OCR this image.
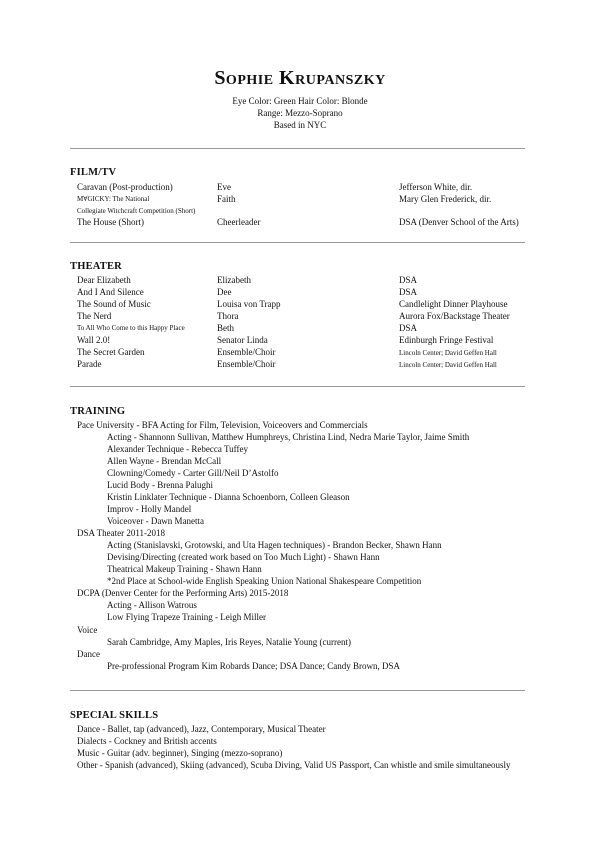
Sophie Krupanszky
Eye Color: Green Hair Color: Blonde
Range: Mezzo-Soprano
Based in NYC
FILM/TV
Caravan (Post-production)	Eve	Jefferson White, dir.
M∀GICKY: The National	Faith	Mary Glen Frederick, dir.
Collegiate Witchcraft Competition (Short)
The House (Short)	Cheerleader	DSA (Denver School of the Arts)
THEATER
Dear Elizabeth	Elizabeth	DSA
And I And Silence	Dee	DSA
The Sound of Music	Louisa von Trapp	Candlelight Dinner Playhouse
The Nerd	Thora	Aurora Fox/Backstage Theater
To All Who Come to this Happy Place	Beth	DSA
Wall 2.0!	Senator Linda	Edinburgh Fringe Festival
The Secret Garden	Ensemble/Choir	Lincoln Center; David Geffen Hall
Parade	Ensemble/Choir	Lincoln Center; David Geffen Hall
TRAINING
Pace University - BFA Acting for Film, Television, Voiceovers and Commercials
Acting - Shannonn Sullivan, Matthew Humphreys, Christina Lind, Nedra Marie Taylor, Jaime Smith
Alexander Technique - Rebecca Tuffey
Allen Wayne - Brendan McCall
Clowning/Comedy - Carter Gill/Neil D’Astolfo
Lucid Body - Brenna Palughi
Kristin Linklater Technique - Dianna Schoenborn, Colleen Gleason
Improv - Holly Mandel
Voiceover - Dawn Manetta
DSA Theater 2011-2018
Acting (Stanislavski, Grotowski, and Uta Hagen techniques) - Brandon Becker, Shawn Hann
Devising/Directing (created work based on Too Much Light) - Shawn Hann
Theatrical Makeup Training - Shawn Hann
*2nd Place at School-wide English Speaking Union National Shakespeare Competition
DCPA (Denver Center for the Performing Arts) 2015-2018
Acting - Allison Watrous
Low Flying Trapeze Training - Leigh Miller
Voice
Sarah Cambridge, Amy Maples, Iris Reyes, Natalie Young (current)
Dance
Pre-professional Program Kim Robards Dance; DSA Dance; Candy Brown, DSA
SPECIAL SKILLS
Dance - Ballet, tap (advanced), Jazz, Contemporary, Musical Theater
Dialects - Cockney and British accents
Music - Guitar (adv. beginner), Singing (mezzo-soprano)
Other - Spanish (advanced), Skiing (advanced), Scuba Diving, Valid US Passport, Can whistle and smile simultaneously
